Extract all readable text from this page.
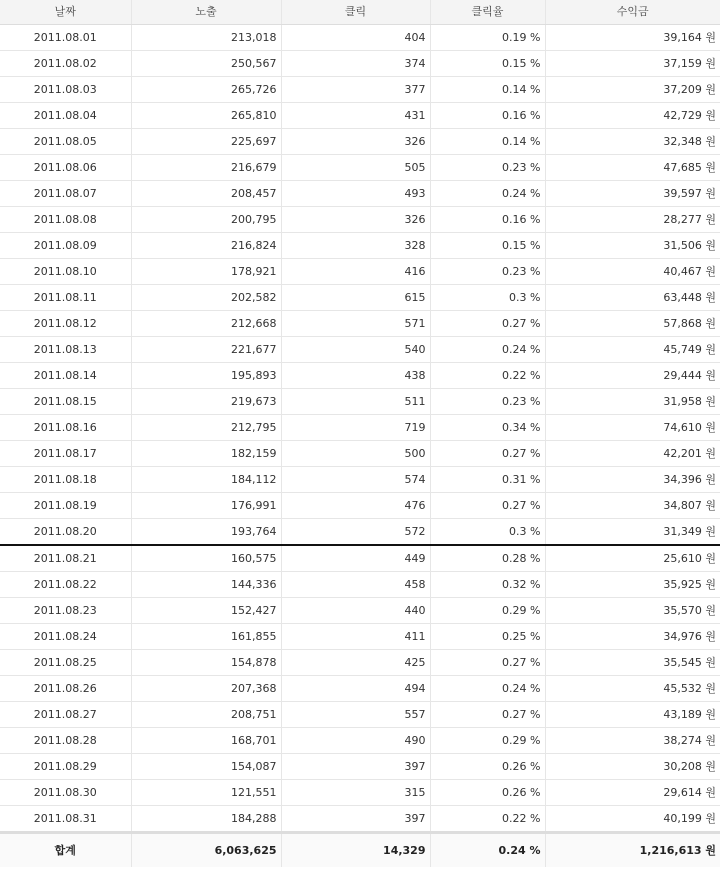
날짜	노출	클릭	클릭율	수익금
2011.08.01	213,018	404	0.19 %	39,164 원
2011.08.02	250,567	374	0.15 %	37,159 원
2011.08.03	265,726	377	0.14 %	37,209 원
2011.08.04	265,810	431	0.16 %	42,729 원
2011.08.05	225,697	326	0.14 %	32,348 원
2011.08.06	216,679	505	0.23 %	47,685 원
2011.08.07	208,457	493	0.24 %	39,597 원
2011.08.08	200,795	326	0.16 %	28,277 원
2011.08.09	216,824	328	0.15 %	31,506 원
2011.08.10	178,921	416	0.23 %	40,467 원
2011.08.11	202,582	615	0.3 %	63,448 원
2011.08.12	212,668	571	0.27 %	57,868 원
2011.08.13	221,677	540	0.24 %	45,749 원
2011.08.14	195,893	438	0.22 %	29,444 원
2011.08.15	219,673	511	0.23 %	31,958 원
2011.08.16	212,795	719	0.34 %	74,610 원
2011.08.17	182,159	500	0.27 %	42,201 원
2011.08.18	184,112	574	0.31 %	34,396 원
2011.08.19	176,991	476	0.27 %	34,807 원
2011.08.20	193,764	572	0.3 %	31,349 원
2011.08.21	160,575	449	0.28 %	25,610 원
2011.08.22	144,336	458	0.32 %	35,925 원
2011.08.23	152,427	440	0.29 %	35,570 원
2011.08.24	161,855	411	0.25 %	34,976 원
2011.08.25	154,878	425	0.27 %	35,545 원
2011.08.26	207,368	494	0.24 %	45,532 원
2011.08.27	208,751	557	0.27 %	43,189 원
2011.08.28	168,701	490	0.29 %	38,274 원
2011.08.29	154,087	397	0.26 %	30,208 원
2011.08.30	121,551	315	0.26 %	29,614 원
2011.08.31	184,288	397	0.22 %	40,199 원
합계	6,063,625	14,329	0.24 %	1,216,613 원
